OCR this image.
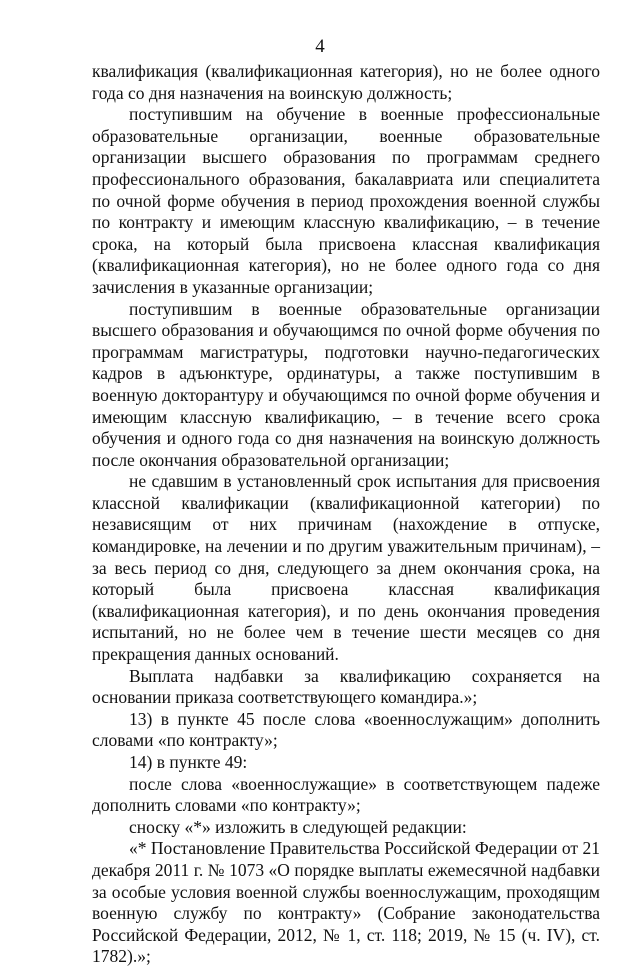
4

квалификация (квалификационная категория), но не более одного года со дня назначения на воинскую должность;

поступившим на обучение в военные профессиональные образовательные организации, военные образовательные организации высшего образования по программам среднего профессионального образования, бакалавриата или специалитета по очной форме обучения в период прохождения военной службы по контракту и имеющим классную квалификацию, – в течение срока, на который была присвоена классная квалификация (квалификационная категория), но не более одного года со дня зачисления в указанные организации;

поступившим в военные образовательные организации высшего образования и обучающимся по очной форме обучения по программам магистратуры, подготовки научно-педагогических кадров в адъюнктуре, ординатуры, а также поступившим в военную докторантуру и обучающимся по очной форме обучения и имеющим классную квалификацию, – в течение всего срока обучения и одного года со дня назначения на воинскую должность после окончания образовательной организации;

не сдавшим в установленный срок испытания для присвоения классной квалификации (квалификационной категории) по независящим от них причинам (нахождение в отпуске, командировке, на лечении и по другим уважительным причинам), – за весь период со дня, следующего за днем окончания срока, на который была присвоена классная квалификация (квалификационная категория), и по день окончания проведения испытаний, но не более чем в течение шести месяцев со дня прекращения данных оснований.

Выплата надбавки за квалификацию сохраняется на основании приказа соответствующего командира.»;

13) в пункте 45 после слова «военнослужащим» дополнить словами «по контракту»;

14) в пункте 49:

после слова «военнослужащие» в соответствующем падеже дополнить словами «по контракту»;

сноску «*» изложить в следующей редакции:

«* Постановление Правительства Российской Федерации от 21 декабря 2011 г. № 1073 «О порядке выплаты ежемесячной надбавки за особые условия военной службы военнослужащим, проходящим военную службу по контракту» (Собрание законодательства Российской Федерации, 2012, № 1, ст. 118; 2019, № 15 (ч. IV), ст. 1782).»;
